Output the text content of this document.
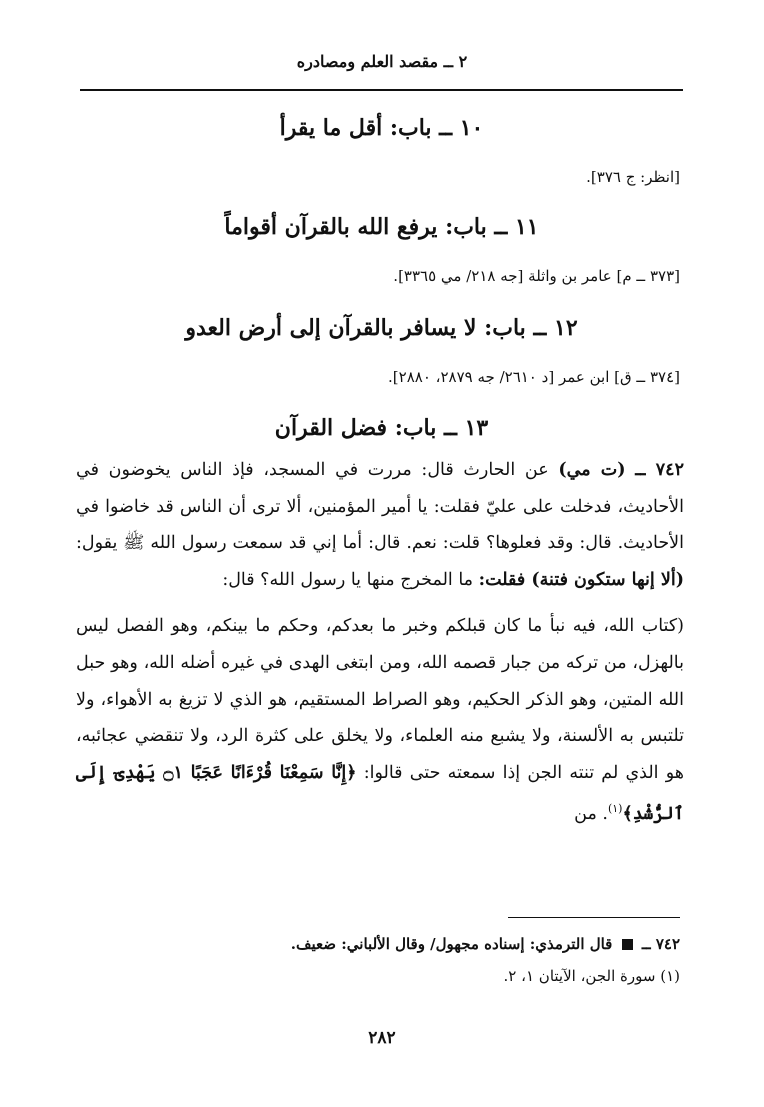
٢ ــ مقصد العلم ومصادره
١٠ ــ باب: أقل ما يقرأ
[انظر: ج ٣٧٦].
١١ ــ باب: يرفع الله بالقرآن أقواماً
[٣٧٣ ــ م] عامر بن واثلة [جه ٢١٨/ مي ٣٣٦٥].
١٢ ــ باب: لا يسافر بالقرآن إلى أرض العدو
[٣٧٤ ــ ق] ابن عمر [د ٢٦١٠/ جه ٢٨٧٩، ٢٨٨٠].
١٣ ــ باب: فضل القرآن

٧٤٢ ــ (ت مي) عن الحارث قال: مررت في المسجد، فإذ الناس يخوضون في الأحاديث، فدخلت على عليّ فقلت: يا أمير المؤمنين، ألا ترى أن الناس قد خاضوا في الأحاديث. قال: وقد فعلوها؟ قلت: نعم. قال: أما إني قد سمعت رسول الله ﷺ يقول: (ألا إنها ستكون فتنة) فقلت: ما المخرج منها يا رسول الله؟ قال:

(كتاب الله، فيه نبأ ما كان قبلكم وخبر ما بعدكم، وحكم ما بينكم، وهو الفصل ليس بالهزل، من تركه من جبار قصمه الله، ومن ابتغى الهدى في غيره أضله الله، وهو حبل الله المتين، وهو الذكر الحكيم، وهو الصراط المستقيم، هو الذي لا تزيغ به الأهواء، ولا تلتبس به الألسنة، ولا يشبع منه العلماء، ولا يخلق على كثرة الرد، ولا تنقضي عجائبه، هو الذي لم تنته الجن إذا سمعته حتى قالوا: ﴿إِنَّا سَمِعْنَا قُرْءَانًا عَجَبًا ۝١ يَهْدِىٓ إِلَى ٱلرُّشْدِ﴾$^{(١)}$. من

٧٤٢ ــ  قال الترمذي: إسناده مجهول/ وقال الألباني: ضعيف.
(١) سورة الجن، الآيتان ١، ٢.
٢٨٢
